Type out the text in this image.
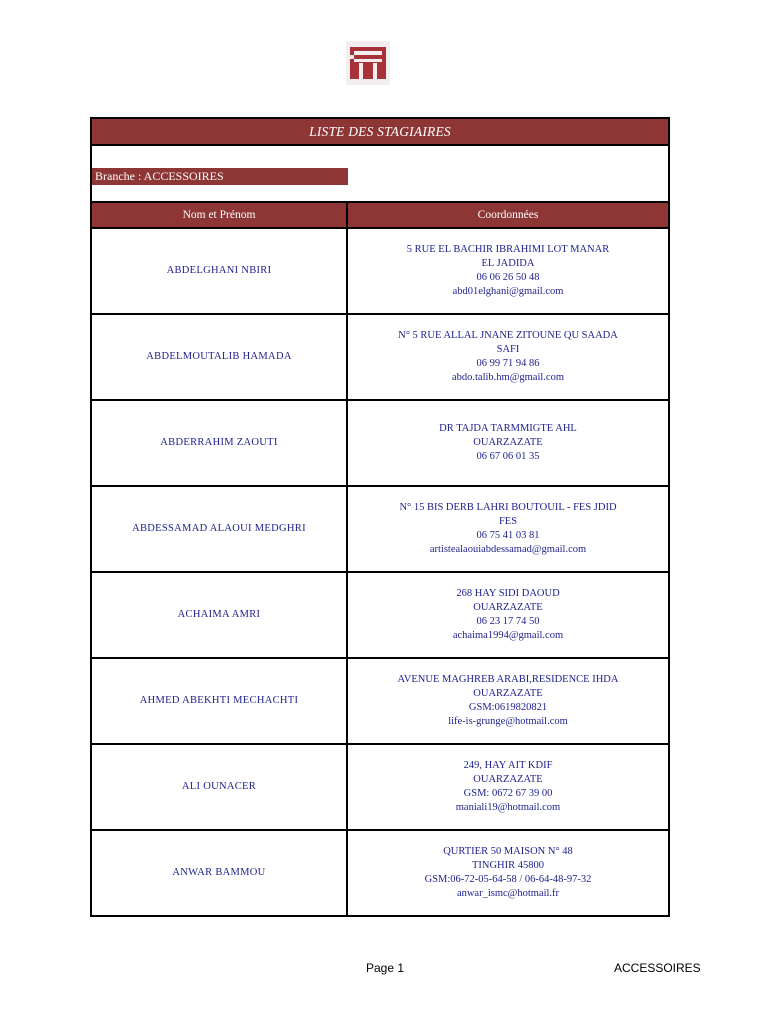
LISTE DES STAGIAIRES	

Branche : ACCESSOIRES	

Nom et Prénom	Coordonnées
ABDELGHANI NBIRI	5 RUE EL BACHIR IBRAHIMI LOT MANAR
EL JADIDA
06 06 26 50 48
abd01elghani@gmail.com

ABDELMOUTALIB HAMADA	N° 5 RUE ALLAL JNANE ZITOUNE QU SAADA
SAFI
06 99 71 94 86
abdo.talib.hm@gmail.com

ABDERRAHIM ZAOUTI	DR TAJDA TARMMIGTE AHL
OUARZAZATE
06 67 06 01 35

ABDESSAMAD ALAOUI MEDGHRI	N° 15 BIS DERB LAHRI BOUTOUIL - FES JDID
FES
06 75 41 03 81
artistealaouiabdessamad@gmail.com

ACHAIMA AMRI	268 HAY SIDI DAOUD
OUARZAZATE
06 23 17 74 50
achaima1994@gmail.com

AHMED ABEKHTI MECHACHTI	AVENUE MAGHREB ARABI,RESIDENCE IHDA
OUARZAZATE
GSM:0619820821
life-is-grunge@hotmail.com

ALI OUNACER	249, HAY AIT KDIF
OUARZAZATE
GSM: 0672 67 39 00
maniali19@hotmail.com

ANWAR BAMMOU	QURTIER 50 MAISON N° 48
TINGHIR 45800
GSM:06-72-05-64-58 / 06-64-48-97-32
anwar_ismc@hotmail.fr
Page 1	ACCESSOIRES
